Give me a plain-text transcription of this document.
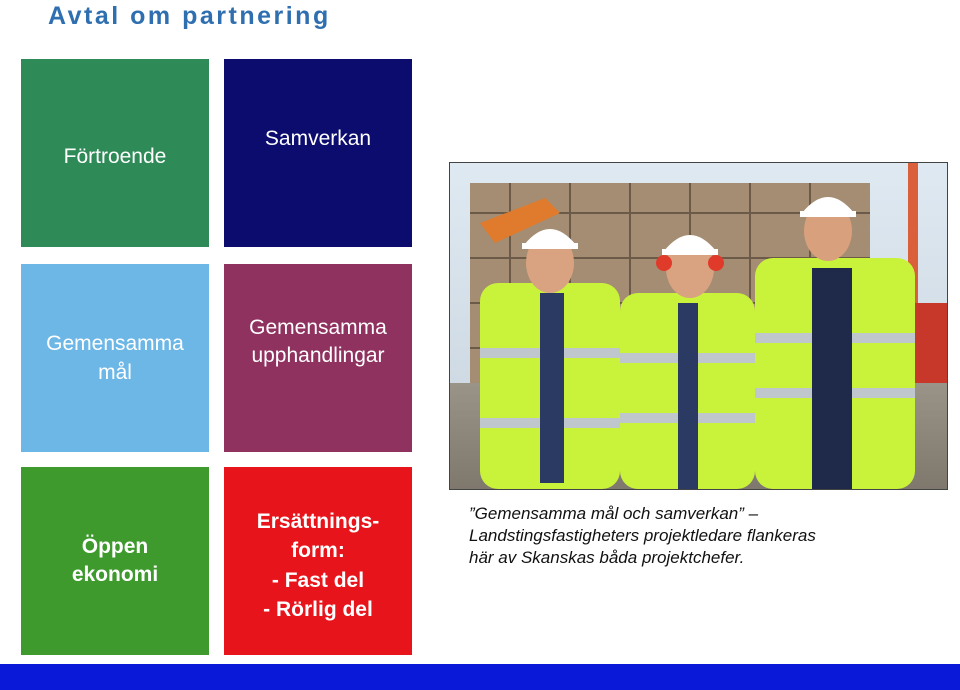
Avtal om partnering
Förtroende
Samverkan
Gemensamma
mål
Gemensamma
upphandlingar
Öppen
ekonomi
Ersättnings-
form:
- Fast del
- Rörlig del
”Gemensamma mål och samverkan” –
Landstingsfastigheters projektledare flankeras
här av Skanskas båda projektchefer.
